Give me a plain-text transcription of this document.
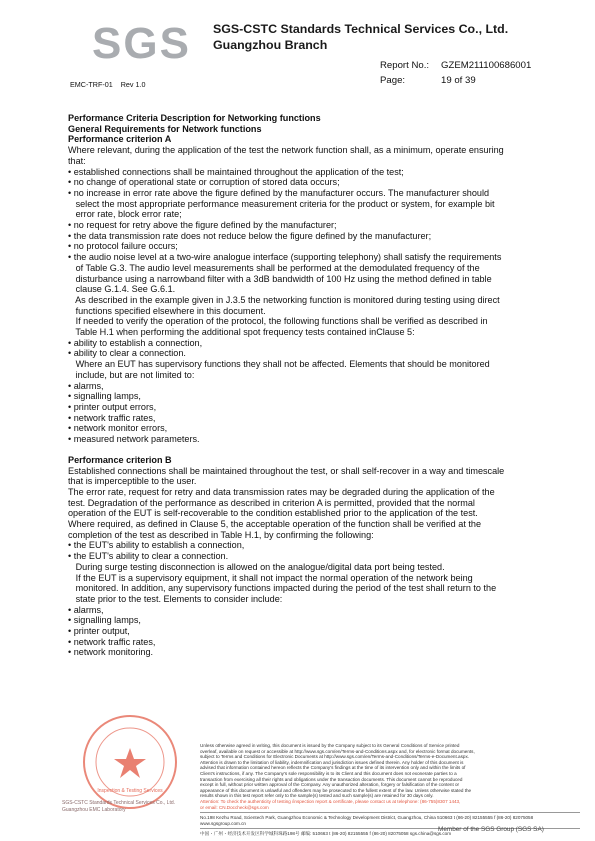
SGS SGS-CSTC Standards Technical Services Co., Ltd.
Guangzhou Branch
Report No.: GZEM211100686001
Page:	19 of 39
EMC-TRF-01 Rev 1.0

Performance Criteria Description for Networking functions

General Requirements for Network functions

Performance criterion A

Where relevant, during the application of the test the network function shall, as a minimum, operate ensuring
that:
• established connections shall be maintained throughout the application of the test;
• no change of operational state or corruption of stored data occurs;
• no increase in error rate above the figure defined by the manufacturer occurs. The manufacturer should
select the most appropriate performance measurement criteria for the product or system, for example bit
error rate, block error rate;
• no request for retry above the figure defined by the manufacturer;
• the data transmission rate does not reduce below the figure defined by the manufacturer;
• no protocol failure occurs;
• the audio noise level at a two-wire analogue interface (supporting telephony) shall satisfy the requirements
of Table G.3. The audio level measurements shall be performed at the demodulated frequency of the
disturbance using a narrowband filter with a 3dB bandwidth of 100 Hz using the method defined in table
clause G.1.4. See G.6.1.
As described in the example given in J.3.5 the networking function is monitored during testing using direct
functions specified elsewhere in this document.
If needed to verify the operation of the protocol, the following functions shall be verified as described in
Table H.1 when performing the additional spot frequency tests contained inClause 5:
• ability to establish a connection,
• ability to clear a connection.
Where an EUT has supervisory functions they shall not be affected. Elements that should be monitored
include, but are not limited to:
• alarms,
• signalling lamps,
• printer output errors,
• network traffic rates,
• network monitor errors,
• measured network parameters.

Performance criterion B

Established connections shall be maintained throughout the test, or shall self-recover in a way and timescale
that is imperceptible to the user.
The error rate, request for retry and data transmission rates may be degraded during the application of the
test. Degradation of the performance as described in criterion A is permitted, provided that the normal
operation of the EUT is self-recoverable to the condition established prior to the application of the test.
Where required, as defined in Clause 5, the acceptable operation of the function shall be verified at the
completion of the test as described in Table H.1, by confirming the following:
• the EUT's ability to establish a connection,
• the EUT's ability to clear a connection.
During surge testing disconnection is allowed on the analogue/digital data port being tested.
If the EUT is a supervisory equipment, it shall not impact the normal operation of the network being
monitored. In addition, any supervisory functions impacted during the period of the test shall return to the
state prior to the test. Elements to consider include:
• alarms,
• signalling lamps,
• printer output,
• network traffic rates,
• network monitoring.
Inspection & Testing Services
SGS-CSTC Standards Technical Services Co., Ltd.
Guangzhou EMC Laboratory
Unless otherwise agreed in writing, this document is issued by the Company subject to its General Conditions of Service printed
overleaf, available on request or accessible at http://www.sgs.com/en/Terms-and-Conditions.aspx and, for electronic format documents,
subject to Terms and Conditions for Electronic Documents at http://www.sgs.com/en/Terms-and-Conditions/Terms-e-Document.aspx.
Attention is drawn to the limitation of liability, indemnification and jurisdiction issues defined therein. Any holder of this document is
advised that information contained hereon reflects the Company's findings at the time of its intervention only and within the limits of
Client's instructions, if any. The Company's sole responsibility is to its Client and this document does not exonerate parties to a
transaction from exercising all their rights and obligations under the transaction documents. This document cannot be reproduced
except in full, without prior written approval of the Company. Any unauthorized alteration, forgery or falsification of the content or
appearance of this document is unlawful and offenders may be prosecuted to the fullest extent of the law. Unless otherwise stated the
results shown in this test report refer only to the sample(s) tested and such sample(s) are retained for 30 days only.
Attention: To check the authenticity of testing /inspection report & certificate, please contact us at telephone: (86-755)8307 1443,
or email: CN.Doccheck@sgs.com
No.198 Kezhu Road, Scientech Park, Guangzhou Economic & Technology Development District, Guangzhou, China 510663 t (86-20) 82155555 f (86-20) 82075058 www.sgsgroup.com.cn
中国・广州・经济技术开发区科学城科珠路198号 邮编: 510663 t (86-20) 82155555 f (86-20) 82075058 sgs.china@sgs.com
Member of the SGS Group (SGS SA)
